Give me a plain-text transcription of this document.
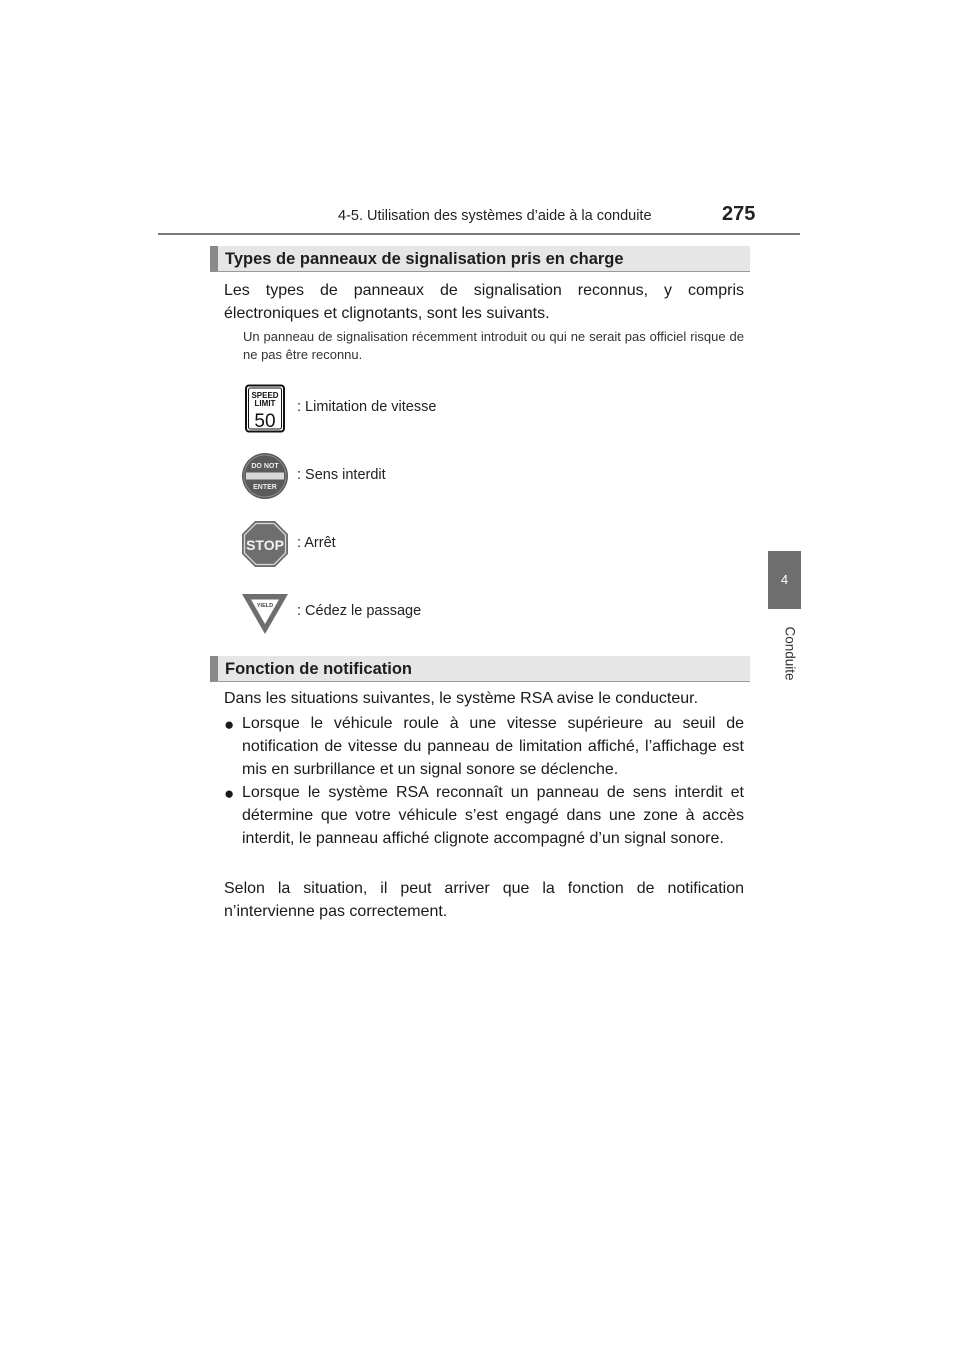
4-5. Utilisation des systèmes d’aide à la conduite	275
4
Conduite
Types de panneaux de signalisation pris en charge
Les types de panneaux de signalisation reconnus, y compris électroniques et clignotants, sont les suivants.
Un panneau de signalisation récemment introduit ou qui ne serait pas officiel risque de ne pas être reconnu.
SPEED
LIMIT
50
: Limitation de vitesse
DO NOT
ENTER
: Sens interdit
STOP : Arrêt
YIELD : Cédez le passage
Fonction de notification
Dans les situations suivantes, le système RSA avise le conducteur.
● Lorsque le véhicule roule à une vitesse supérieure au seuil de notification de vitesse du panneau de limitation affiché, l’affichage est mis en surbrillance et un signal sonore se déclenche.
● Lorsque le système RSA reconnaît un panneau de sens interdit et détermine que votre véhicule s’est engagé dans une zone à accès interdit, le panneau affiché clignote accompagné d’un signal sonore.
Selon la situation, il peut arriver que la fonction de notification n’intervienne pas correctement.
